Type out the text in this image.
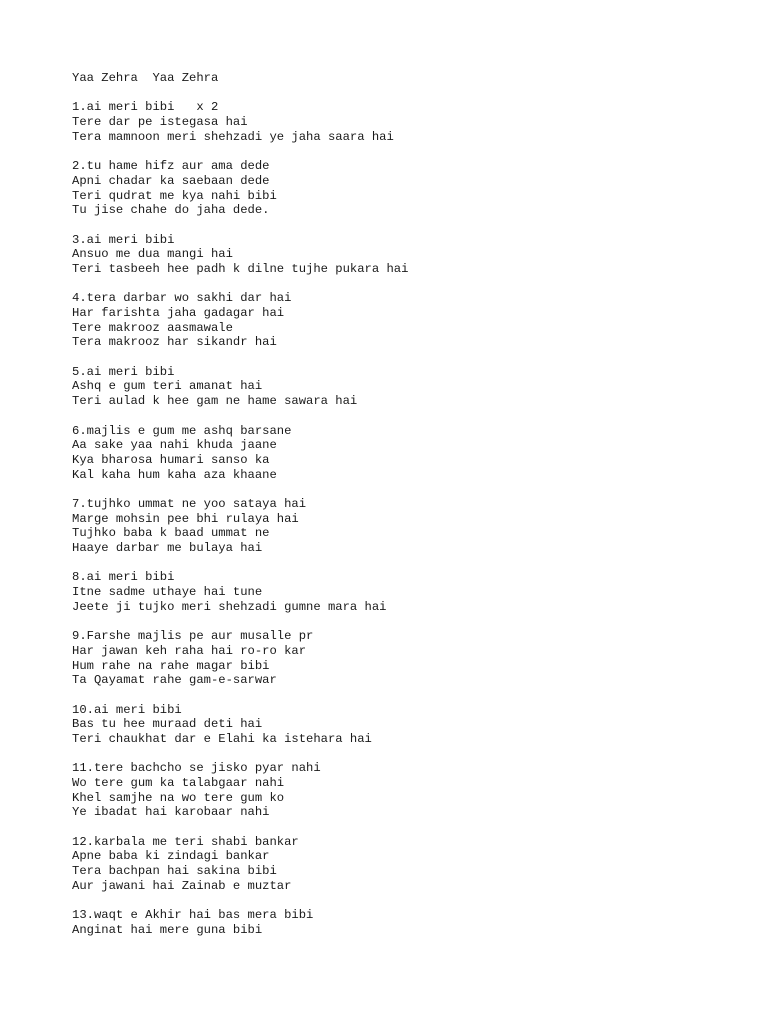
Yaa Zehra  Yaa Zehra
1.ai meri bibi   x 2
Tere dar pe istegasa hai
Tera mamnoon meri shehzadi ye jaha saara hai
2.tu hame hifz aur ama dede
Apni chadar ka saebaan dede
Teri qudrat me kya nahi bibi
Tu jise chahe do jaha dede.
3.ai meri bibi
Ansuo me dua mangi hai
Teri tasbeeh hee padh k dilne tujhe pukara hai
4.tera darbar wo sakhi dar hai
Har farishta jaha gadagar hai
Tere makrooz aasmawale
Tera makrooz har sikandr hai
5.ai meri bibi
Ashq e gum teri amanat hai
Teri aulad k hee gam ne hame sawara hai
6.majlis e gum me ashq barsane
Aa sake yaa nahi khuda jaane
Kya bharosa humari sanso ka
Kal kaha hum kaha aza khaane
7.tujhko ummat ne yoo sataya hai
Marge mohsin pee bhi rulaya hai
Tujhko baba k baad ummat ne
Haaye darbar me bulaya hai
8.ai meri bibi
Itne sadme uthaye hai tune
Jeete ji tujko meri shehzadi gumne mara hai
9.Farshe majlis pe aur musalle pr
Har jawan keh raha hai ro-ro kar
Hum rahe na rahe magar bibi
Ta Qayamat rahe gam-e-sarwar
10.ai meri bibi
Bas tu hee muraad deti hai
Teri chaukhat dar e Elahi ka istehara hai
11.tere bachcho se jisko pyar nahi
Wo tere gum ka talabgaar nahi
Khel samjhe na wo tere gum ko
Ye ibadat hai karobaar nahi
12.karbala me teri shabi bankar
Apne baba ki zindagi bankar
Tera bachpan hai sakina bibi
Aur jawani hai Zainab e muztar
13.waqt e Akhir hai bas mera bibi
Anginat hai mere guna bibi
